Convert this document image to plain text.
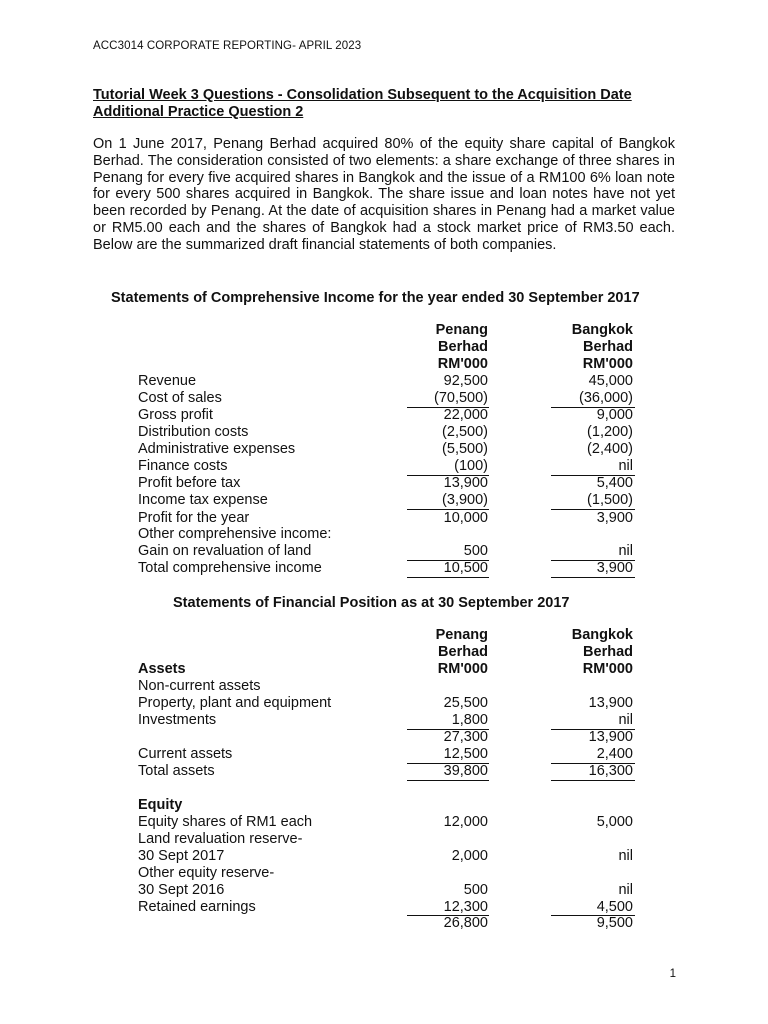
ACC3014 CORPORATE REPORTING- APRIL 2023
Tutorial Week 3 Questions - Consolidation Subsequent to the Acquisition Date
Additional Practice Question 2
On 1 June 2017, Penang Berhad acquired 80% of the equity share capital of Bangkok Berhad. The consideration consisted of two elements: a share exchange of three shares in Penang for every five acquired shares in Bangkok and the issue of a RM100 6% loan note for every 500 shares acquired in Bangkok. The share issue and loan notes have not yet been recorded by Penang. At the date of acquisition shares in Penang had a market value or RM5.00 each and the shares of Bangkok had a stock market price of RM3.50 each. Below are the summarized draft financial statements of both companies.
Statements of Comprehensive Income for the year ended 30 September 2017
Penang	Bangkok
Berhad	Berhad
RM'000	RM'000
Revenue	92,500	45,000
Cost of sales	(70,500)	(36,000)
Gross profit	22,000	9,000
Distribution costs	(2,500)	(1,200)
Administrative expenses	(5,500)	(2,400)
Finance costs	(100)	nil
Profit before tax	13,900	5,400
Income tax expense	(3,900)	(1,500)
Profit for the year	10,000	3,900
Other comprehensive income:
Gain on revaluation of land	500	nil
Total comprehensive income	10,500	3,900
Statements of Financial Position as at 30 September 2017
Penang	Bangkok
Berhad	Berhad
Assets	RM'000	RM'000
Non-current assets
Property, plant and equipment	25,500	13,900
Investments	1,800	nil
27,300	13,900
Current assets	12,500	2,400
Total assets	39,800	16,300
Equity
Equity shares of RM1 each	12,000	5,000
Land revaluation reserve-
30 Sept 2017	2,000	nil
Other equity reserve-
30 Sept 2016	500	nil
Retained earnings	12,300	4,500
26,800	9,500
1
